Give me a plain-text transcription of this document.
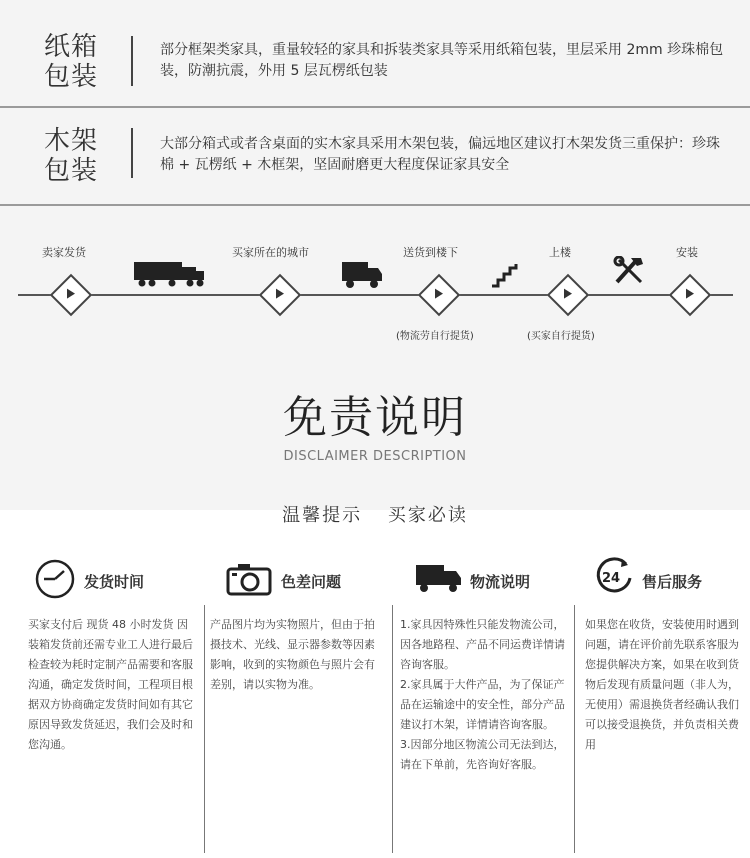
纸箱包装
部分框架类家具，重量较轻的家具和拆装类家具等采用纸箱包装，里层采用 2mm 珍珠棉包装，防潮抗震，外用 5 层瓦楞纸包装
木架包装
大部分箱式或者含桌面的实木家具采用木架包装，偏远地区建议打木架发货三重保护：珍珠棉 + 瓦楞纸 + 木框架，坚固耐磨更大程度保证家具安全
卖家发货	买家所在的城市	送货到楼下	上楼	安装
(物流劳自行提货)	(买家自行提货)
免责说明
DISCLAIMER DESCRIPTION
温馨提示 买家必读
24
发货时间	色差问题	物流说明	售后服务
买家支付后 现货 48 小时发货 因装箱发货前还需专业工人进行最后检查较为耗时定制产品需要和客服沟通，确定发货时间，工程项目根据双方协商确定发货时间如有其它原因导致发货延迟，我们会及时和您沟通。
产品图片均为实物照片，但由于拍摄技术、光线、显示器参数等因素影响，收到的实物颜色与照片会有差别，请以实物为准。
1.家具因特殊性只能发物流公司，因各地路程、产品不同运费详情请咨询客服。
2.家具属于大件产品，为了保证产品在运输途中的安全性，部分产品建议打木架，详情请咨询客服。
3.因部分地区物流公司无法到达，请在下单前，先咨询好客服。
如果您在收货，安装使用时遇到问题，请在评价前先联系客服为您提供解决方案，如果在收到货物后发现有质量问题（非人为，无使用）需退换货者经确认我们可以接受退换货，并负责相关费用
